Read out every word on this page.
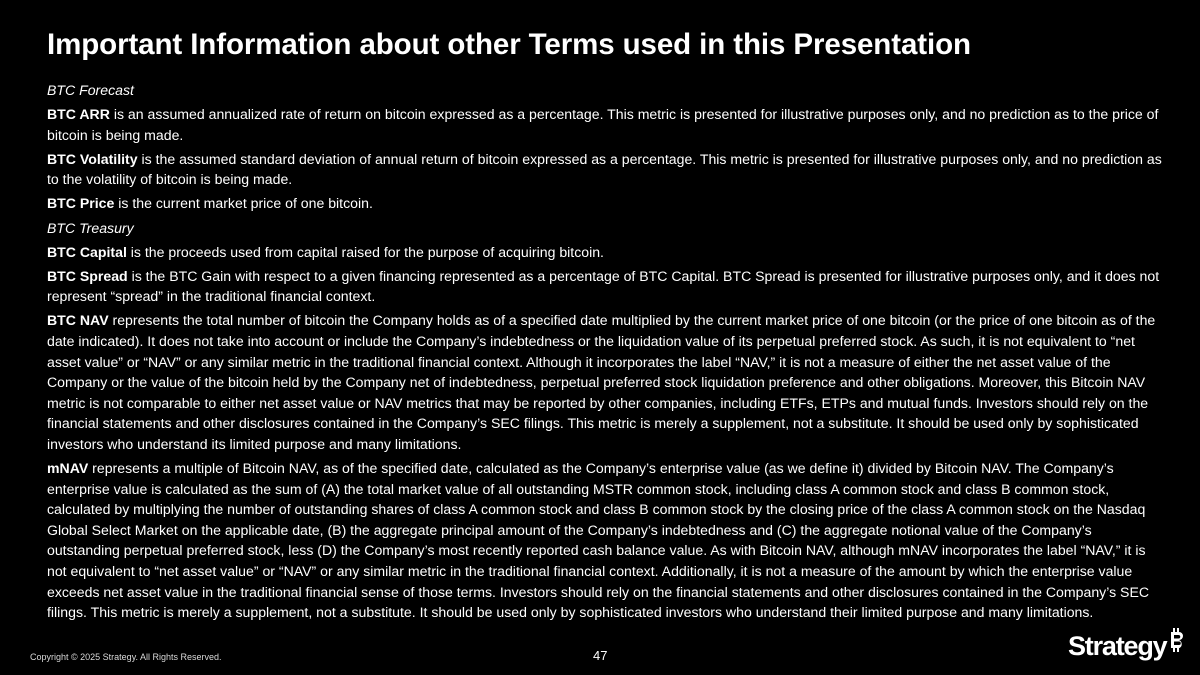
Important Information about other Terms used in this Presentation

BTC Forecast

BTC ARR is an assumed annualized rate of return on bitcoin expressed as a percentage. This metric is presented for illustrative purposes only, and no prediction as to the price of bitcoin is being made.

BTC Volatility is the assumed standard deviation of annual return of bitcoin expressed as a percentage. This metric is presented for illustrative purposes only, and no prediction as to the volatility of bitcoin is being made.

BTC Price is the current market price of one bitcoin.

BTC Treasury

BTC Capital is the proceeds used from capital raised for the purpose of acquiring bitcoin.

BTC Spread is the BTC Gain with respect to a given financing represented as a percentage of BTC Capital. BTC Spread is presented for illustrative purposes only, and it does not represent “spread” in the traditional financial context.

BTC NAV represents the total number of bitcoin the Company holds as of a specified date multiplied by the current market price of one bitcoin (or the price of one bitcoin as of the date indicated). It does not take into account or include the Company’s indebtedness or the liquidation value of its perpetual preferred stock. As such, it is not equivalent to “net asset value” or “NAV” or any similar metric in the traditional financial context. Although it incorporates the label “NAV,” it is not a measure of either the net asset value of the Company or the value of the bitcoin held by the Company net of indebtedness, perpetual preferred stock liquidation preference and other obligations. Moreover, this Bitcoin NAV metric is not comparable to either net asset value or NAV metrics that may be reported by other companies, including ETFs, ETPs and mutual funds. Investors should rely on the financial statements and other disclosures contained in the Company’s SEC filings. This metric is merely a supplement, not a substitute. It should be used only by sophisticated investors who understand its limited purpose and many limitations.

mNAV represents a multiple of Bitcoin NAV, as of the specified date, calculated as the Company’s enterprise value (as we define it) divided by Bitcoin NAV. The Company’s enterprise value is calculated as the sum of (A) the total market value of all outstanding MSTR common stock, including class A common stock and class B common stock, calculated by multiplying the number of outstanding shares of class A common stock and class B common stock by the closing price of the class A common stock on the Nasdaq Global Select Market on the applicable date, (B) the aggregate principal amount of the Company’s indebtedness and (C) the aggregate notional value of the Company’s outstanding perpetual preferred stock, less (D) the Company’s most recently reported cash balance value. As with Bitcoin NAV, although mNAV incorporates the label “NAV,” it is not equivalent to “net asset value” or “NAV” or any similar metric in the traditional financial context. Additionally, it is not a measure of the amount by which the enterprise value exceeds net asset value in the traditional financial sense of those terms. Investors should rely on the financial statements and other disclosures contained in the Company’s SEC filings. This metric is merely a supplement, not a substitute. It should be used only by sophisticated investors who understand their limited purpose and many limitations.

Copyright © 2025 Strategy. All Rights Reserved.	47	Strategy
